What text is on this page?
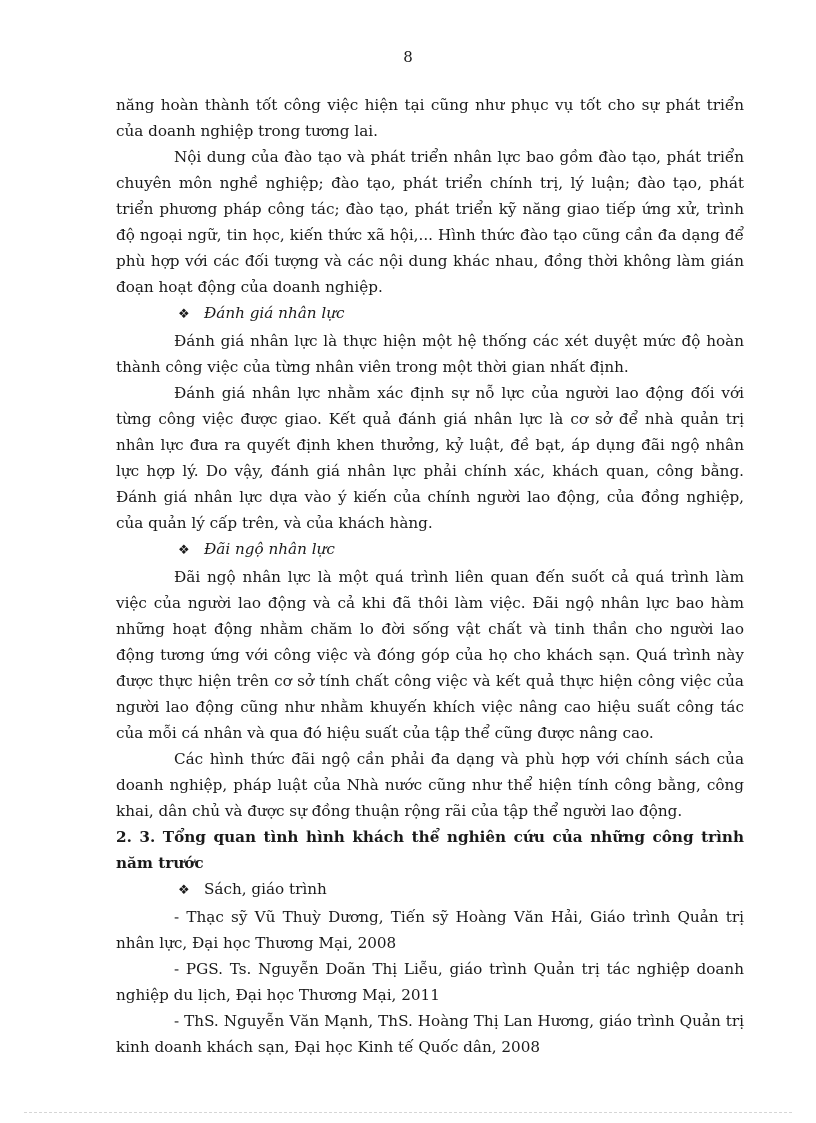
8

năng hoàn thành tốt công việc hiện tại cũng như phục vụ tốt cho sự phát triển của doanh nghiệp trong tương lai.

Nội dung của đào tạo và phát triển nhân lực bao gồm đào tạo, phát triển chuyên môn nghề nghiệp; đào tạo, phát triển chính trị, lý luận; đào tạo, phát triển phương pháp công tác; đào tạo, phát triển kỹ năng giao tiếp ứng xử, trình độ ngoại ngữ, tin học, kiến thức xã hội,... Hình thức đào tạo cũng cần đa dạng để phù hợp với các đối tượng và các nội dung khác nhau, đồng thời không làm gián đoạn hoạt động của doanh nghiệp.

❖ Đánh giá nhân lực

Đánh giá nhân lực là thực hiện một hệ thống các xét duyệt mức độ hoàn thành công việc của từng nhân viên trong một thời gian nhất định.

Đánh giá nhân lực nhằm xác định sự nỗ lực của người lao động đối với từng công việc được giao. Kết quả đánh giá nhân lực là cơ sở để nhà quản trị nhân lực đưa ra quyết định khen thưởng, kỷ luật, đề bạt, áp dụng đãi ngộ nhân lực hợp lý. Do vậy, đánh giá nhân lực phải chính xác, khách quan, công bằng. Đánh giá nhân lực dựa vào ý kiến của chính người lao động, của đồng nghiệp, của quản lý cấp trên, và của khách hàng.

❖ Đãi ngộ nhân lực

Đãi ngộ nhân lực là một quá trình liên quan đến suốt cả quá trình làm việc của người lao động và cả khi đã thôi làm việc. Đãi ngộ nhân lực bao hàm những hoạt động nhằm chăm lo đời sống vật chất và tinh thần cho người lao động tương ứng với công việc và đóng góp của họ cho khách sạn. Quá trình này được thực hiện trên cơ sở tính chất công việc và kết quả thực hiện công việc của người lao động cũng như nhằm khuyến khích việc nâng cao hiệu suất công tác của mỗi cá nhân và qua đó hiệu suất của tập thể cũng được nâng cao.

Các hình thức đãi ngộ cần phải đa dạng và phù hợp với chính sách của doanh nghiệp, pháp luật của Nhà nước cũng như thể hiện tính công bằng, công khai, dân chủ và được sự đồng thuận rộng rãi của tập thể người lao động.

2. 3. Tổng quan tình hình khách thể nghiên cứu của những công trình năm trước

❖ Sách, giáo trình

- Thạc sỹ Vũ Thuỳ Dương, Tiến sỹ Hoàng Văn Hải, Giáo trình Quản trị nhân lực, Đại học Thương Mại, 2008

- PGS. Ts. Nguyễn Doãn Thị Liễu, giáo trình Quản trị tác nghiệp doanh nghiệp du lịch, Đại học Thương Mại, 2011

- ThS. Nguyễn Văn Mạnh, ThS. Hoàng Thị Lan Hương, giáo trình Quản trị kinh doanh khách sạn, Đại học Kinh tế Quốc dân, 2008
